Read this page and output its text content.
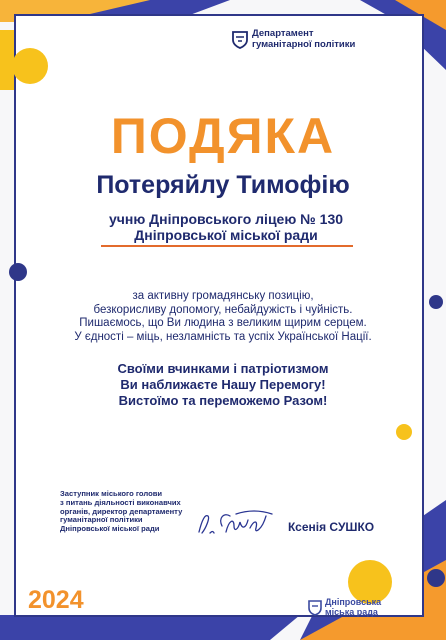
Департамент
гуманітарної політики
ПОДЯКА
Потеряйлу Тимофію
учню Дніпровського ліцею № 130
Дніпровської міської ради
за активну громадянську позицію,
безкорисливу допомогу, небайдужість і чуйність.
Пишаємось, що Ви людина з великим щирим серцем.
У єдності – міць, незламність та успіх Української Нації.
Своїми вчинками і патріотизмом
Ви наближаєте Нашу Перемогу!
Вистоїмо та переможемо Разом!
Заступник міського голови
з питань діяльності виконавчих
органів, директор департаменту
гуманітарної політики
Дніпровської міської ради	Ксенія СУШКО
2024	Дніпровська
міська рада
